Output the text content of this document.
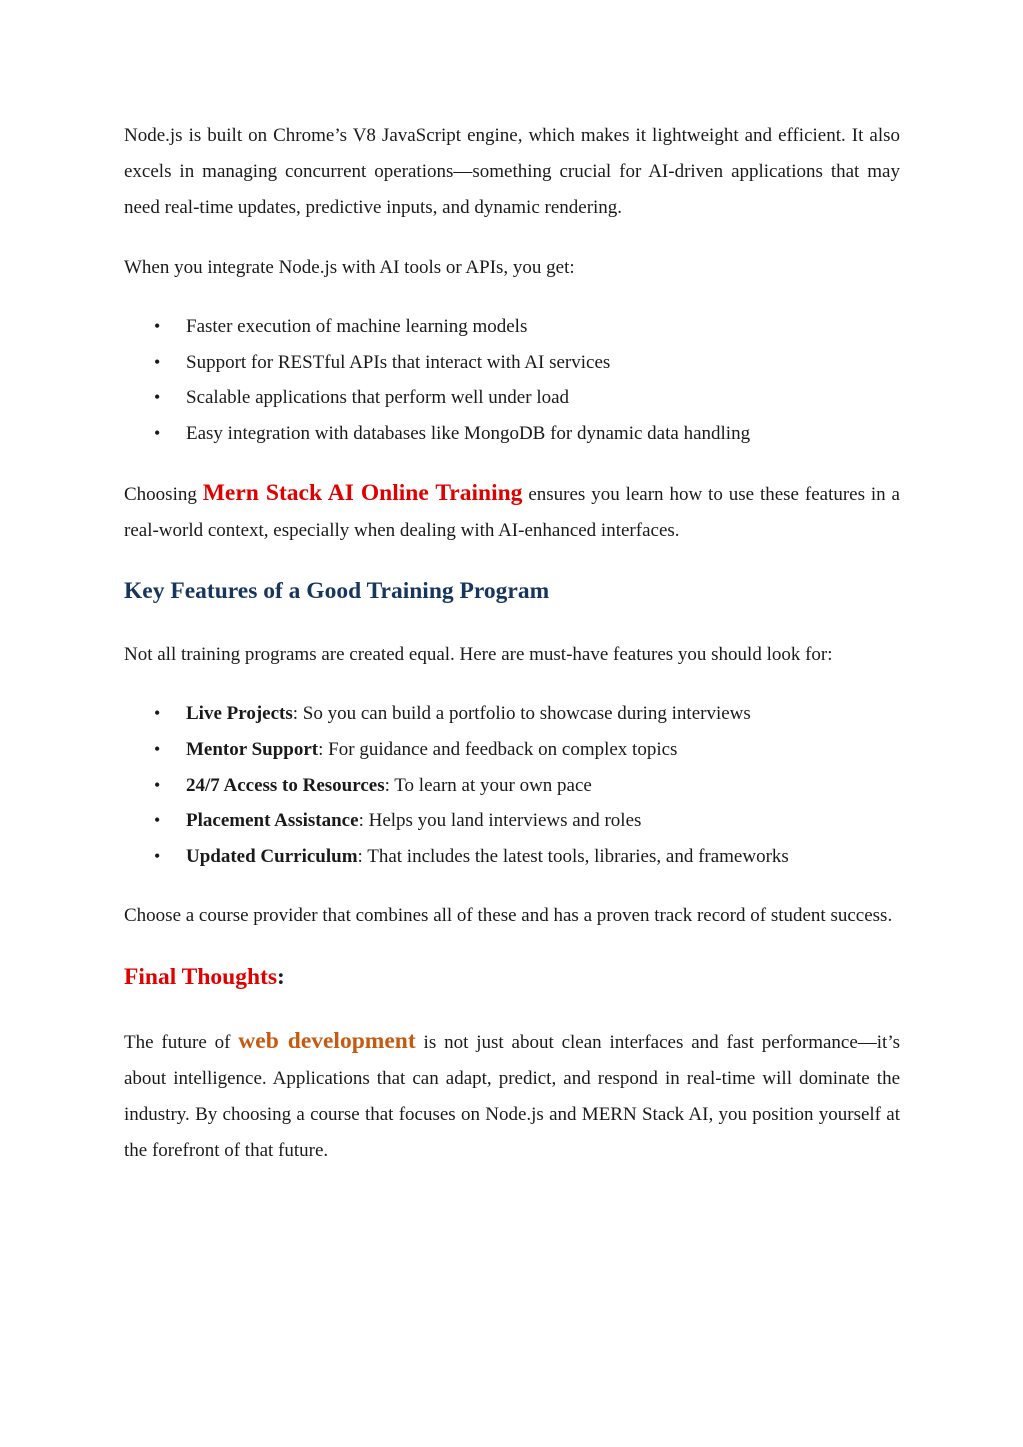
Node.js is built on Chrome’s V8 JavaScript engine, which makes it lightweight and efficient. It also excels in managing concurrent operations—something crucial for AI-driven applications that may need real-time updates, predictive inputs, and dynamic rendering.

When you integrate Node.js with AI tools or APIs, you get:

• Faster execution of machine learning models
• Support for RESTful APIs that interact with AI services
• Scalable applications that perform well under load
• Easy integration with databases like MongoDB for dynamic data handling

Choosing Mern Stack AI Online Training ensures you learn how to use these features in a real-world context, especially when dealing with AI-enhanced interfaces.

Key Features of a Good Training Program

Not all training programs are created equal. Here are must-have features you should look for:

• Live Projects: So you can build a portfolio to showcase during interviews
• Mentor Support: For guidance and feedback on complex topics
• 24/7 Access to Resources: To learn at your own pace
• Placement Assistance: Helps you land interviews and roles
• Updated Curriculum: That includes the latest tools, libraries, and frameworks

Choose a course provider that combines all of these and has a proven track record of student success.

Final Thoughts:

The future of web development is not just about clean interfaces and fast performance—it’s about intelligence. Applications that can adapt, predict, and respond in real-time will dominate the industry. By choosing a course that focuses on Node.js and MERN Stack AI, you position yourself at the forefront of that future.
